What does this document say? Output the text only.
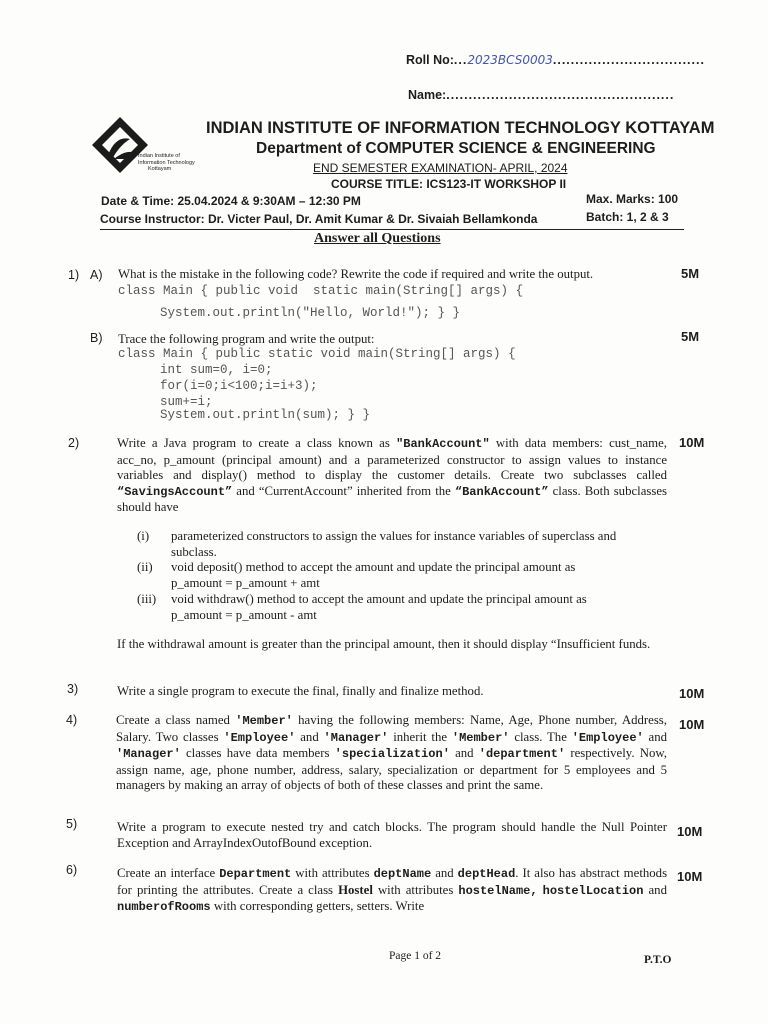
Roll No:...2023BCS0003..................................
Name:...................................................
Indian Institute of
Information Technology
Kottayam
INDIAN INSTITUTE OF INFORMATION TECHNOLOGY KOTTAYAM
Department of COMPUTER SCIENCE & ENGINEERING
END SEMESTER EXAMINATION- APRIL, 2024
COURSE TITLE: ICS123-IT WORKSHOP II
Date & Time: 25.04.2024 & 9:30AM – 12:30 PM	Max. Marks: 100
Course Instructor: Dr. Victer Paul, Dr. Amit Kumar & Dr. Sivaiah Bellamkonda	Batch: 1, 2 & 3
Answer all Questions
1) A) What is the mistake in the following code? Rewrite the code if required and write the output.	5M
class Main { public void  static main(String[] args) {
System.out.println("Hello, World!"); } }
B) Trace the following program and write the output:	5M
class Main { public static void main(String[] args) {
int sum=0, i=0;
for(i=0;i<100;i=i+3);
sum+=i;
System.out.println(sum); } }
2)	10M
Write a Java program to create a class known as "BankAccount" with data members: cust_name, acc_no, p_amount (principal amount) and a parameterized constructor to assign values to instance variables and display() method to display the customer details. Create two subclasses called “SavingsAccount” and “CurrentAccount” inherited from the “BankAccount” class. Both subclasses should have
(i) parameterized constructors to assign the values for instance variables of superclass and
subclass.
(ii) void deposit() method to accept the amount and update the principal amount as
p_amount = p_amount + amt
(iii) void withdraw() method to accept the amount and update the principal amount as
p_amount = p_amount - amt
If the withdrawal amount is greater than the principal amount, then it should display “Insufficient funds.
3)	Write a single program to execute the final, finally and finalize method.	10M
4)	10M
Create a class named 'Member' having the following members: Name, Age, Phone number, Address, Salary. Two classes 'Employee' and 'Manager' inherit the 'Member' class. The 'Employee' and 'Manager' classes have data members 'specialization' and 'department' respectively. Now, assign name, age, phone number, address, salary, specialization or department for 5 employees and 5 managers by making an array of objects of both of these classes and print the same.
5)	Write a program to execute nested try and catch blocks. The program should handle the Null Pointer Exception and ArrayIndexOutofBound exception.
10M
6)	10M
Create an interface Department with attributes deptName and deptHead. It also has abstract methods for printing the attributes. Create a class Hostel with attributes hostelName, hostelLocation and numberofRooms with corresponding getters, setters. Write
Page 1 of 2	P.T.O
